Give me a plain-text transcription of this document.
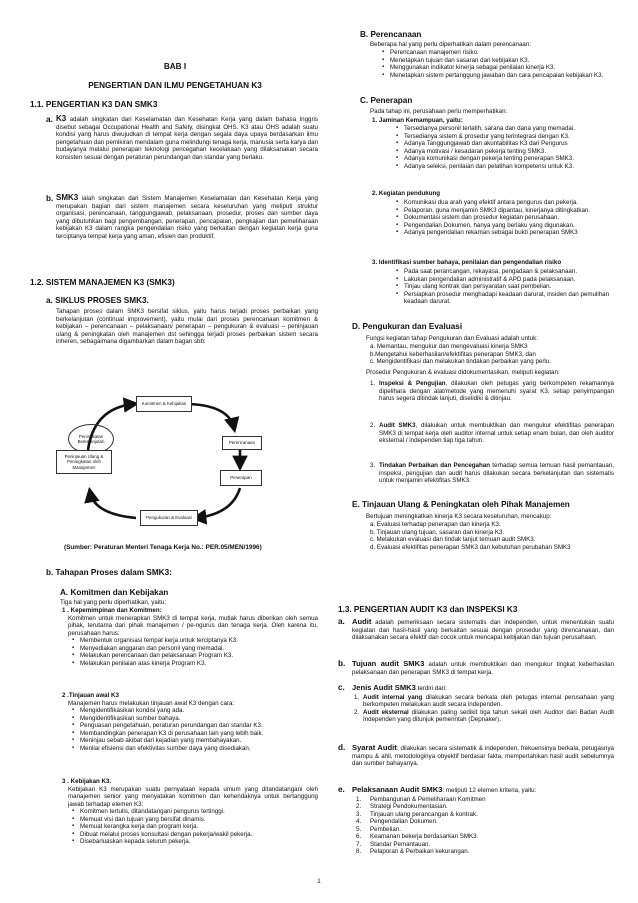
BAB I
PENGERTIAN DAN ILMU PENGETAHUAN K3
1.1. PENGERTIAN K3 DAN SMK3
a. K3 adalah singkatan dari Keselamatan dan Kesehatan Kerja yang dalam bahasa Inggris disebut sebagai Occupational Health and Safety, disingkat OHS. K3 atau OHS adalah suatu kondisi yang harus diwujudkan di tempat kerja dengan segala daya upaya berdasarkan ilmu pengetahuan dan pemikiran mendalam guna melindungi tenaga kerja, manusia serta karya dan budayanya melalui penerapan teknologi pencegahan kecelakaan yang dilaksanakan secara konsisten sesuai dengan peraturan perundangan dan standar yang berlaku.

b. SMK3 ialah singkatan dari Sistem Manajemen Keselamatan dan Kesehatan Kerja yang merupakan bagian dari sistem manajemen secara keseluruhan yang meliputi struktur organisasi, perencanaan, tanggungjawab, pelaksanaan, prosedur, proses dan sumber daya yang dibutuhkan bagi pengembangan, penerapan, pencapaian, pengkajian dan pemeliharaan kebijakan K3 dalam rangka pengendalian risiko yang berkaitan dengan kegiatan kerja guna terciptanya tempat kerja yang aman, efisien dan produktif.

1.2. SISTEM MANAJEMEN K3 (SMK3)
a. SIKLUS PROSES SMK3.

Tahapan proses dalam SMK3 bersifat siklus, yaitu harus terjadi proses perbaikan yang berkelanjutan (continual improvement), yaitu mulai dari proses perencanaan komitmen & kebijakan – perencanaan – pelaksanaan/ penerapan – pengukuran & evaluasi – peninjauan ulang & peningkatan oleh manajemen dst sehingga terjadi proses perbaikan sistem secara inheren, sebagaimana digambarkan dalam bagan sbb:

Komitmen & Kebijakan
Peningkatan Berkelanjutan	Perencanaan
Peninjauan Ulang & Peningkatan oleh Manajemen
Penerapan
Pengukuran & Evaluasi
(Sumber: Peraturan Menteri Tenaga Kerja No.: PER.05/MEN/1996)
b. Tahapan Proses dalam SMK3:
A. Komitmen dan Kebijakan

Tiga hal yang perlu diperhatikan, yaitu:

1 . Kepemimpinan dan Komitmen:

Komitmen untuk menerapkan SMK3 di tempat kerja, mutlak harus diberikan oleh semua pihak, terutama dari pihak manajemen / pe-ngurus dan tenaga kerja. Oleh karena itu, perusahaan harus:

▪ Membentuk organisasi tempat kerja untuk terciptanya K3.
▪ Menyediakan anggaran dan personil yang memadai.
▪ Melakukan perencanaan dan pelaksanaan Program K3.
▪ Melakukan penilaian atas kinerja Program K3.

2 .Tinjauan awal K3

Manajemen harus melakukan tinjauan awal K3 dengan cara:

▪ Mengidentifikasikan kondisi yang ada.
▪ Mengidentifikasikan sumber bahaya.
▪ Penguasan pengetahuan, peraturan perundangan dan standar K3.
▪ Membandingkan penerapan K3 di perusahaan lain yang lebih baik.
▪ Meninjau sebab akibat dari kejadian yang membahayakan.
▪ Menilai efisiensi dan efektivitas sumber daya yang disediakan.

3 . Kebijakan K3.

Kebijakan K3 merupakan suatu pernyataan kepada umum yang ditandatangani oleh manajemen senior yang menyatakan komitmen dan kehendaknya untuk bertanggung jawab terhadap elemen K3:

▪ Komitmen tertulis, ditandatangani pengurus tertinggi.
▪ Memuat visi dan tujuan yang bersifat dinamis.
▪ Memuat kerangka kerja dan program kerja.
▪ Dibuat melalui proses konsultasi dengan pekerja/wakil pekerja.
▪ Disebarluaskan kepada seluruh pekerja.
B. Perencanaan

Beberapa hal yang perlu diperhatikan dalam perencanaan:

▪ Perencanaan manajemen risiko.
▪ Menetapkan tujuan dan sasaran dari kebijakan K3.
▪ Menggunakan indikator kinerja sebagai penilaian kinerja K3.
▪ Menetapkan sistem pertanggung jawaban dan cara pencapaian kebijakan K3.
C. Penerapan

Pada tahap ini, perusahaan perlu memperhatikan:

1. Jaminan Kemampuan, yaitu:

▪ Tersedianya personil terlatih, sarana dan dana yang memadai.
▪ Tersedianya sistem & prosedur yang terintegrasi dengan K3.
▪ Adanya Tanggungjawab dan akuntabilitas K3 dari Pengurus
▪ Adanya motivasi / kesadaran pekerja tenting SMK3.
▪ Adanya komunikasi dengan pekerja tenting penerapan SMK3.
▪ Adanya seleksi, penilaian dan pelatihan kompetensi untuk K3.

2. Kegiatan pendukung

▪ Komunikasi dua arah yang efektif antara pengurus dan pekerja.
▪ Pelaporan, guna menjamin SMK3 dipantau, kinerjanya ditingkatkan.
▪ Dokumentasi sistem dan prosedur kegiatan perusahaan.
▪ Pengendalian Dokumen, hanya yang berlaku yang digunakan.
▪ Adanya pengendalian rekaman sebagai bukti penerapan SMK3

3. Identifikasi sumber bahaya, penilaian dan pengendalian risiko

▪ Pada saat perancangan, rekayasa, pengadaan & pelaksanaan.
▪ Lakukan pengendalian administratif & APD pada pelaksanaan.
▪ Tinjau ulang kontrak dan persyaratan saat pembelian.
▪ Persiapkan prosedur menghadapi keadaan darurat, insiden dan pemulihan keadaan darurat.
D. Pengukuran dan Evaluasi

Fungsi kegiatan tahap Pengukuran dan Evaluasi adalah untuk:

a. Memantau, mengukur dan mengevaluasi kinerja SMK3

b.Mengetahui keberhasilan/efektifitas penerapan SMK3, dan

c. Mengidentifikasi dan melakukan tindakan perbaikan yang perlu.

Prosedur Pengukuran & evaluasi didokumentasikan, meliputi kegiatan:

1. Inspeksi & Pengujian, dilakukan oleh petugas yang berkompeten rekamannya dipelihara dengan alat/metode yang memenuhi syarat K3, setiap penyimpangan harus segera ditindak lanjuti, diselidiki & ditinjau.

2. Audit SMK3, dilakukan untuk membuktikan dan mengukur efektifitas penerapan SMK3 di tempat kerja oleh auditor internal untuk setiap enam bulan, dan oleh auditor eksternal / independen tiap tiga tahun.

3. Tindakan Perbaikan dan Pencegahan terhadap semua temuan hasil pemantauan, inspeksi, pengujian dan audit harus dilakukan secara berkelanjutan dan sistematis untuk menjamin efektifitas SMK3.

E. Tinjauan Ulang & Peningkatan oleh Pihak Manajemen

Bertujuan meningkatkan kinerja K3 secara keseluruhan, mencakup:

a. Evaluasi terhadap penerapan dan kinerja K3.

b. Tinjauan ulang tujuan, sasaran dan kinerja K3.

c. Melakukan evaluasi dan tindak lanjut temuan audit SMK3.

d. Evaluasi efektifitas penerapan SMK3 dan kebutuhan perubahan SMK3

1.3. PENGERTIAN AUDIT K3 dan INSPEKSI K3
a. Audit adalah pemeriksaan secara sistematis dan independen, untuk menentukan suatu kegiatan dan hasil-hasil yang berkaitan sesuai dengan prosedur yang direncanakan, dan dilaksanakan secara efektif dan cocok untuk mencapai kebijakan dan tujuan perusahaan.

b. Tujuan audit SMK3 adalah untuk membuktikan dan mengukur tingkat keberhasilan pelaksanaan dan penerapan SMK3 di tempat kerja.

c. Jenis Audit SMK3 terdiri dari:

1. Audit internal yang dilakukan secara berkala oleh petugas internal perusahaan yang berkompeten melakukan audit secara independen.

2. Audit eksternal dilakukan paling sedikit tiga tahun sekali oleh Auditor dari Badan Audit Independen yang ditunjuk pemerintah (Depnaker).

d. Syarat Audit: dilakukan secara sistematik & independen, frekuensinya berkala, petugasnya mampu & ahli, metodologinya obyektif berdasar fakta, mempertahikan hasil audit sebelumnya dan sumber bahayanya.

e. Pelaksanaan Audit SMK3: meliputi 12 elemen kriteria, yaitu:

1. Pembangunan & Pemeliharaan Komitmen
2. Strategi Pendokumentasian.
3. Tinjauan ulang perancangan & kontrak.
4. Pengendalian Dokumen.
5. Pembelian.
6. Keamanan bekerja berdasarkan SMK3.
7. Standar Pemantauan.
8. Pelaporan & Perbaikan kekurangan.
1
